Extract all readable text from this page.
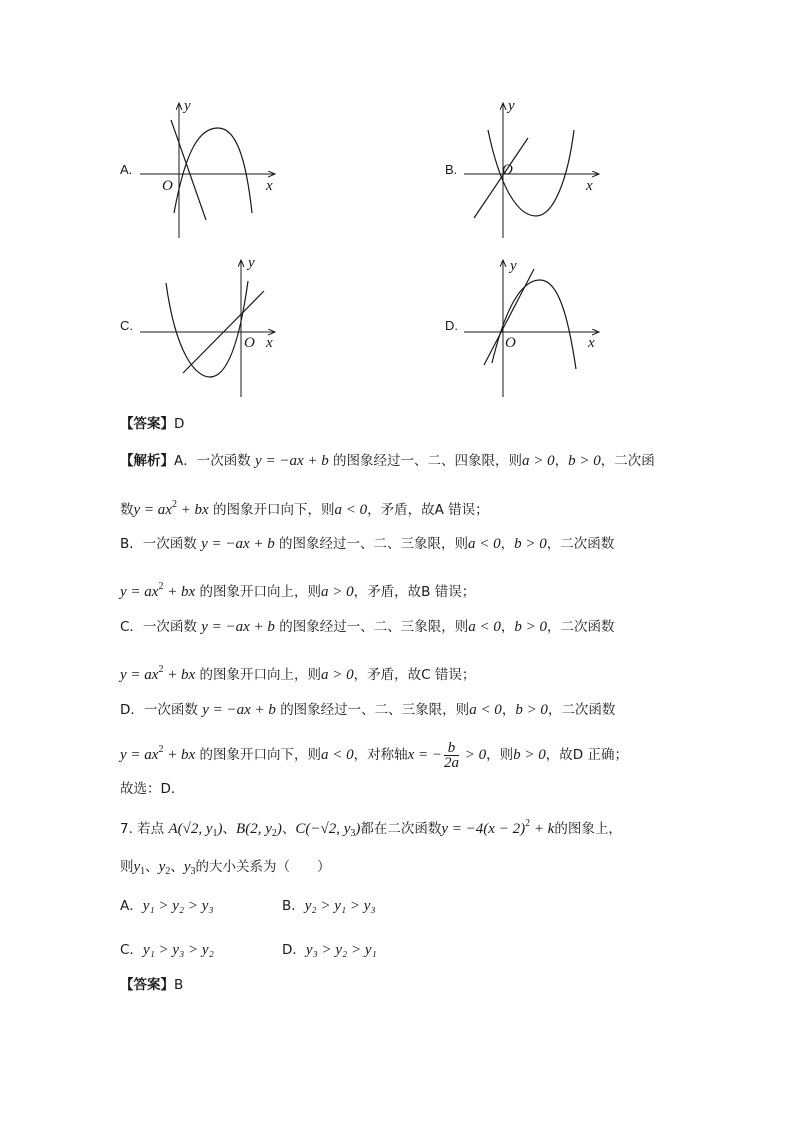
A.	B.
C.	D.
y
x
O
y
x
O
y
x
O
y
x
O
【答案】D
【解析】A．一次函数 y = −ax + b 的图象经过一、二、四象限，则a > 0，b > 0，二次函
数$y = ax^2$ + bx 的图象开口向下，则a < 0，矛盾，故A 错误；
B．一次函数 y = −ax + b 的图象经过一、二、三象限，则a < 0，b > 0，二次函数
$y = ax^2$ + bx 的图象开口向上，则a > 0，矛盾，故B 错误；
C．一次函数 y = −ax + b 的图象经过一、二、三象限，则a < 0，b > 0，二次函数
$y = ax^2$ + bx 的图象开口向上，则a > 0，矛盾，故C 错误；
D．一次函数 y = −ax + b 的图象经过一、二、三象限，则a < 0，b > 0，二次函数
$y = ax^2$ + bx 的图象开口向下，则a < 0，对称轴x = − $\frac{b}{2a} > 0$，则b > 0，故D 正确；
故选：D．
7. 若点 A(√2, $y_1$)、B(2, $y_2$)、C(−√2, $y_3$)都在二次函数$y = -4(x - 2)^2 + k$的图象上，
则$y_1$、$y_2$、$y_3$的大小关系为（　　）
A．y₁ > y₂ > y₃	B．y₂ > y₁ > y₃
C．y₁ > y₃ > y₂	D．y₃ > y₂ > y₁
【答案】B
